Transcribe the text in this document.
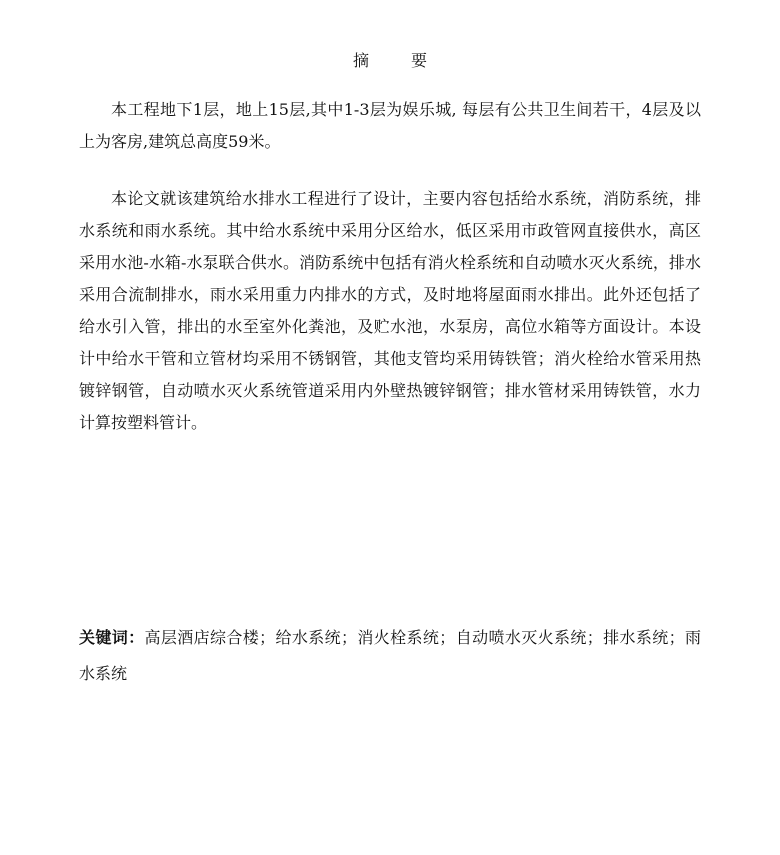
摘要

本工程地下1层，地上15层,其中1-3层为娱乐城, 每层有公共卫生间若干，4层及以上为客房,建筑总高度59米。

本论文就该建筑给水排水工程进行了设计，主要内容包括给水系统，消防系统，排水系统和雨水系统。其中给水系统中采用分区给水，低区采用市政管网直接供水，高区采用水池-水箱-水泵联合供水。消防系统中包括有消火栓系统和自动喷水灭火系统，排水采用合流制排水，雨水采用重力内排水的方式，及时地将屋面雨水排出。此外还包括了给水引入管，排出的水至室外化粪池，及贮水池，水泵房，高位水箱等方面设计。本设计中给水干管和立管材均采用不锈钢管，其他支管均采用铸铁管；消火栓给水管采用热镀锌钢管，自动喷水灭火系统管道采用内外壁热镀锌钢管；排水管材采用铸铁管，水力计算按塑料管计。

关键词：高层酒店综合楼；给水系统；消火栓系统；自动喷水灭火系统；排水系统；雨水系统
